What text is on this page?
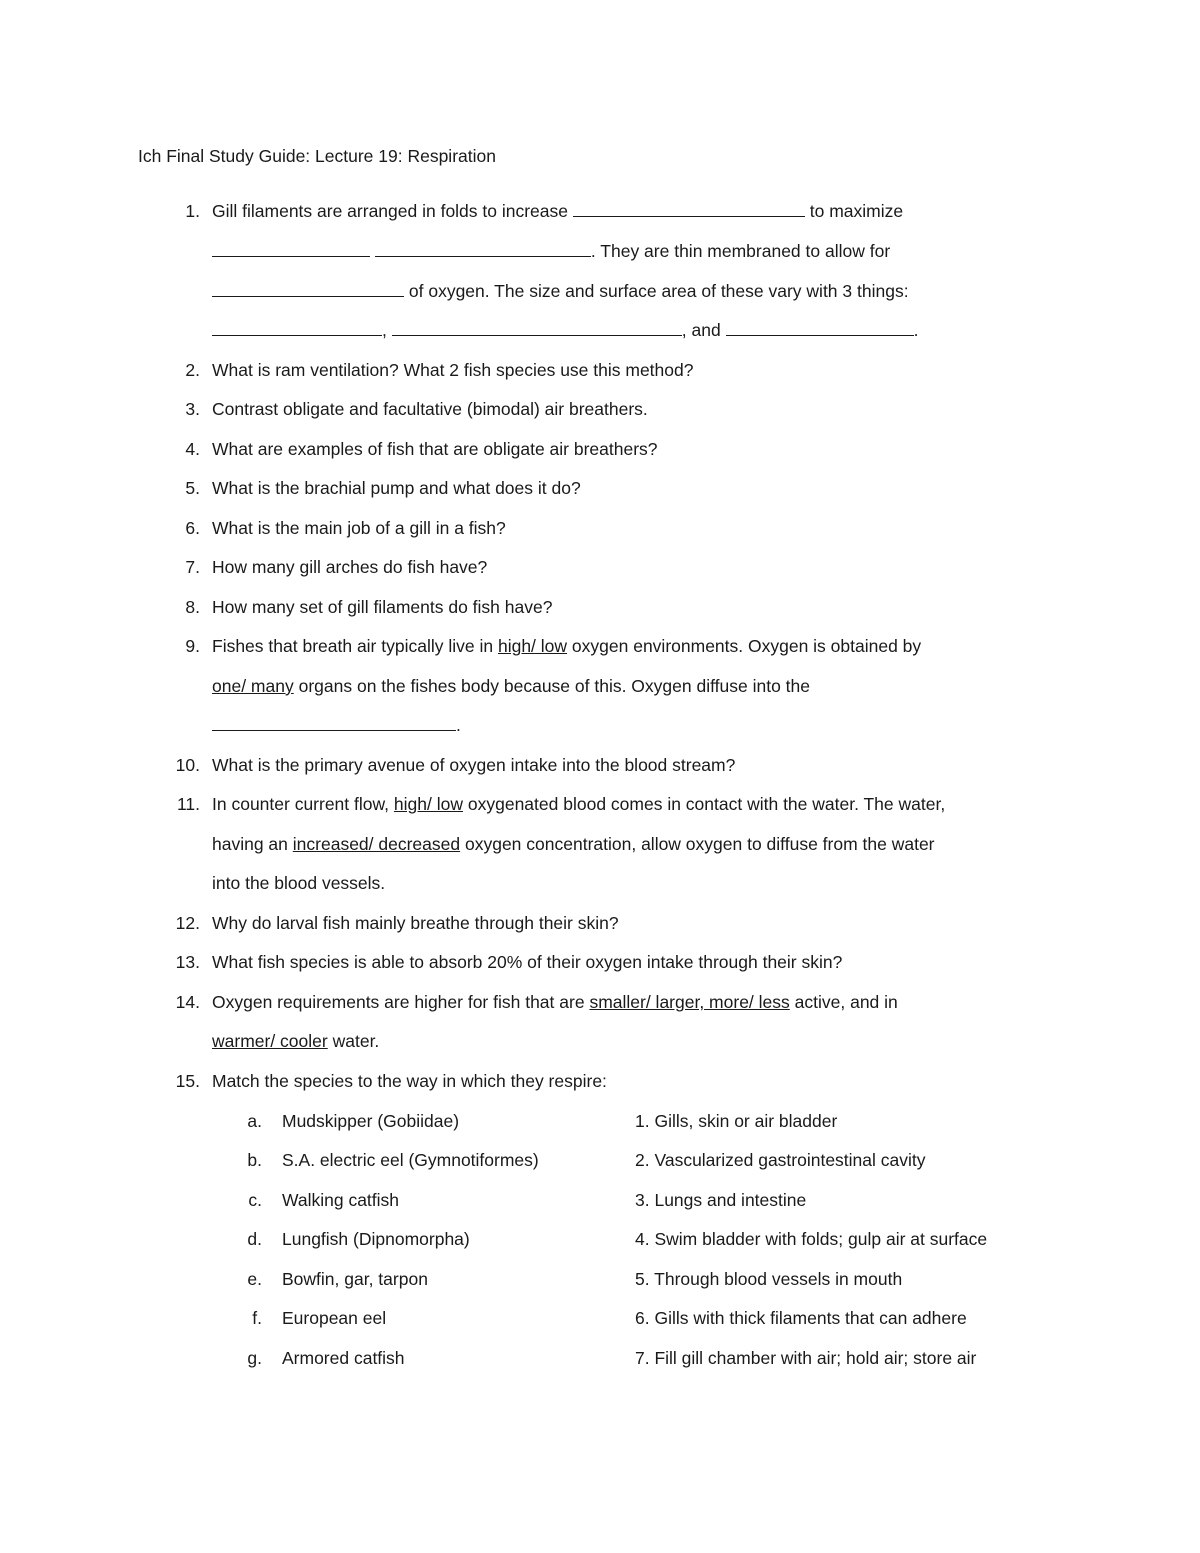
Ich Final Study Guide: Lecture 19: Respiration
1. Gill filaments are arranged in folds to increase	to maximize
. They are thin membraned to allow for
of oxygen. The size and surface area of these vary with 3 things:
,	, and	.
2. What is ram ventilation? What 2 fish species use this method?
3. Contrast obligate and facultative (bimodal) air breathers.
4. What are examples of fish that are obligate air breathers?
5. What is the brachial pump and what does it do?
6. What is the main job of a gill in a fish?
7. How many gill arches do fish have?
8. How many set of gill filaments do fish have?
9. Fishes that breath air typically live in high/ low oxygen environments. Oxygen is obtained by
one/ many organs on the fishes body because of this. Oxygen diffuse into the
.
10. What is the primary avenue of oxygen intake into the blood stream?
11. In counter current flow, high/ low oxygenated blood comes in contact with the water. The water,
having an increased/ decreased oxygen concentration, allow oxygen to diffuse from the water
into the blood vessels.
12. Why do larval fish mainly breathe through their skin?
13. What fish species is able to absorb 20% of their oxygen intake through their skin?
14. Oxygen requirements are higher for fish that are smaller/ larger, more/ less active, and in
warmer/ cooler water.
15. Match the species to the way in which they respire:
a. Mudskipper (Gobiidae)	1. Gills, skin or air bladder
b. S.A. electric eel (Gymnotiformes)	2. Vascularized gastrointestinal cavity
c. Walking catfish	3. Lungs and intestine
d. Lungfish (Dipnomorpha)	4. Swim bladder with folds; gulp air at surface
e. Bowfin, gar, tarpon	5. Through blood vessels in mouth
f. European eel	6. Gills with thick filaments that can adhere
g. Armored catfish	7. Fill gill chamber with air; hold air; store air
